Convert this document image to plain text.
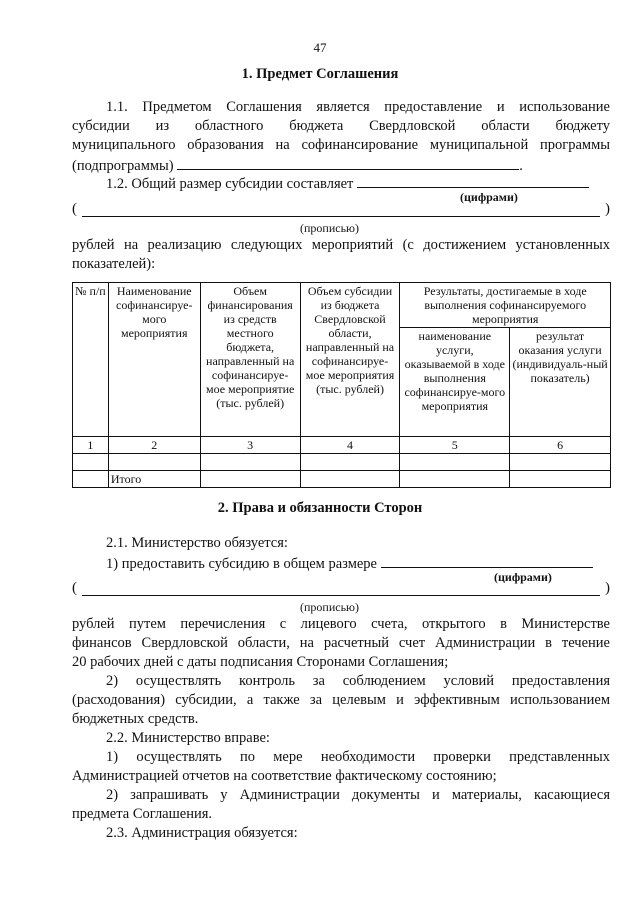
47
1. Предмет Соглашения
1.1. Предметом Соглашения является предоставление и использование
субсидии из областного бюджета Свердловской области бюджету
муниципального образования на софинансирование муниципальной программы
(подпрограммы)	.
1.2. Общий размер субсидии составляет
(цифрами)
(	)
(прописью)
рублей на реализацию следующих мероприятий (с достижением установленных
показателей):
№ п/п	Наименование софинансируе-мого мероприятия	Объем финансирования из средств местного бюджета, направленный на софинансируе-мое мероприятие (тыс. рублей)	Объем субсидии из бюджета Свердловской области, направленный на софинансируе-мое мероприятия (тыс. рублей)	Результаты, достигаемые в ходе выполнения софинансируемого мероприятия	
				наименование услуги, оказываемой в ходе выполнения софинансируе-мого мероприятия	результат оказания услуги (индивидуаль-ный показатель)
1	2	3	4	5	6

	Итого				
2. Права и обязанности Сторон
2.1. Министерство обязуется:
1) предоставить субсидию в общем размере
(цифрами)
(	)
(прописью)
рублей путем перечисления с лицевого счета, открытого в Министерстве
финансов Свердловской области, на расчетный счет Администрации в течение
20 рабочих дней с даты подписания Сторонами Соглашения;
2) осуществлять контроль за соблюдением условий предоставления
(расходования) субсидии, а также за целевым и эффективным использованием
бюджетных средств.
2.2. Министерство вправе:
1) осуществлять по мере необходимости проверки представленных
Администрацией отчетов на соответствие фактическому состоянию;
2) запрашивать у Администрации документы и материалы, касающиеся
предмета Соглашения.
2.3. Администрация обязуется:
